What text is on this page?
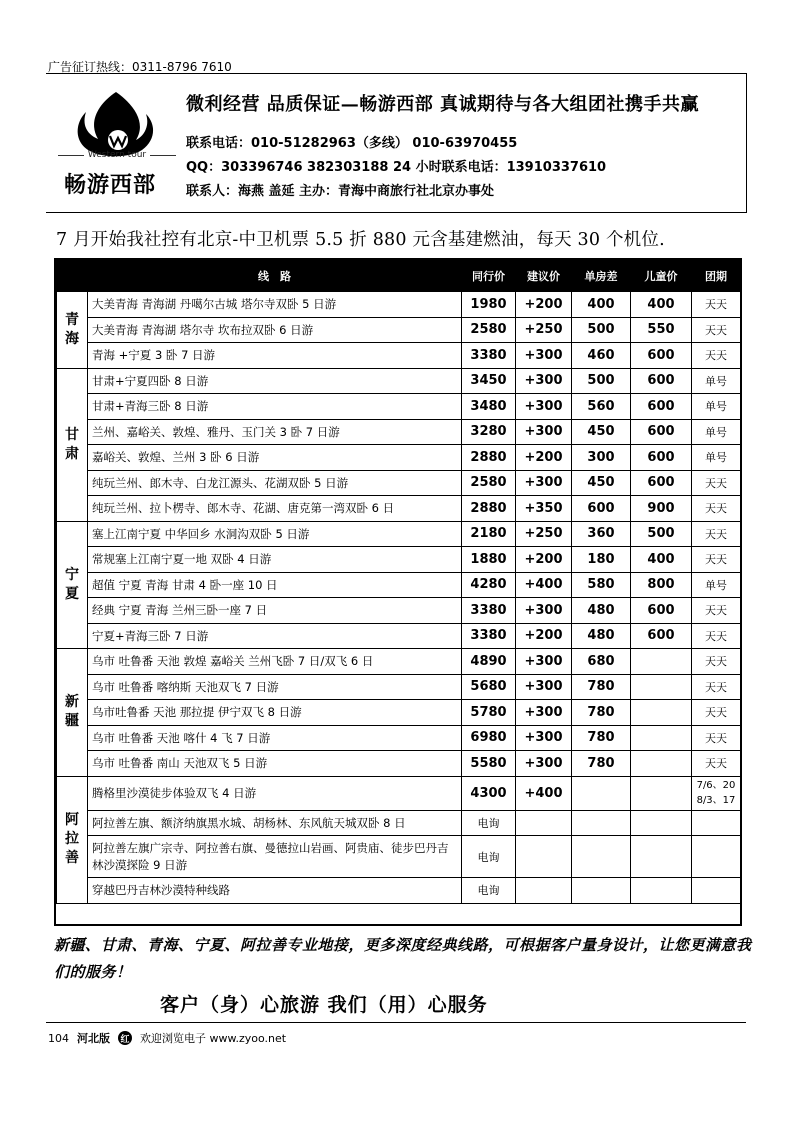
广告征订热线：0311-8796 7610
Western tour
畅游西部
微利经营 品质保证—畅游西部 真诚期待与各大组团社携手共赢
联系电话：010-51282963（多线） 010-63970455
QQ：303396746 382303188 24 小时联系电话：13910337610
联系人：海燕 盖延 主办：青海中商旅行社北京办事处
7 月开始我社控有北京-中卫机票 5.5 折 880 元含基建燃油，每天 30 个机位.
	线　路	同行价	建议价	单房差	儿童价	团期
青
海	大美青海 青海湖 丹噶尔古城 塔尔寺双卧 5 日游	1980	+200	400	400	天天
	大美青海 青海湖 塔尔寺 坎布拉双卧 6 日游	2580	+250	500	550	天天
	青海 +宁夏 3 卧 7 日游	3380	+300	460	600	天天
甘
肃	甘肃+宁夏四卧 8 日游	3450	+300	500	600	单号
	甘肃+青海三卧 8 日游	3480	+300	560	600	单号
	兰州、嘉峪关、敦煌、雅丹、玉门关 3 卧 7 日游	3280	+300	450	600	单号
	嘉峪关、敦煌、兰州 3 卧 6 日游	2880	+200	300	600	单号
	纯玩兰州、郎木寺、白龙江源头、花湖双卧 5 日游	2580	+300	450	600	天天
	纯玩兰州、拉卜楞寺、郎木寺、花湖、唐克第一湾双卧 6 日	2880	+350	600	900	天天
宁
夏	塞上江南宁夏 中华回乡 水洞沟双卧 5 日游	2180	+250	360	500	天天
	常规塞上江南宁夏一地 双卧 4 日游	1880	+200	180	400	天天
	超值 宁夏 青海 甘肃 4 卧一座 10 日	4280	+400	580	800	单号
	经典 宁夏 青海 兰州三卧一座 7 日	3380	+300	480	600	天天
	宁夏+青海三卧 7 日游	3380	+200	480	600	天天
新
疆	乌市 吐鲁番 天池 敦煌 嘉峪关 兰州飞卧 7 日/双飞 6 日	4890	+300	680		天天
	乌市 吐鲁番 喀纳斯 天池双飞 7 日游	5680	+300	780		天天
	乌市吐鲁番 天池 那拉提 伊宁双飞 8 日游	5780	+300	780		天天
	乌市 吐鲁番 天池 喀什 4 飞 7 日游	6980	+300	780		天天
	乌市 吐鲁番 南山 天池双飞 5 日游	5580	+300	780		天天
阿
拉
善	腾格里沙漠徒步体验双飞 4 日游	4300	+400			7/6、20
8/3、17
	阿拉善左旗、额济纳旗黑水城、胡杨林、东风航天城双卧 8 日	电询				
	阿拉善左旗广宗寺、阿拉善右旗、曼德拉山岩画、阿贵庙、徒步巴丹吉林沙漠探险 9 日游	电询				
	穿越巴丹吉林沙漠特种线路	电询				
新疆、甘肃、青海、宁夏、阿拉善专业地接，更多深度经典线路，可根据客户量身设计，让您更满意我们的服务！
客户（身）心旅游 我们（用）心服务
104 河北版 红 欢迎浏览电子 www.zyoo.net
